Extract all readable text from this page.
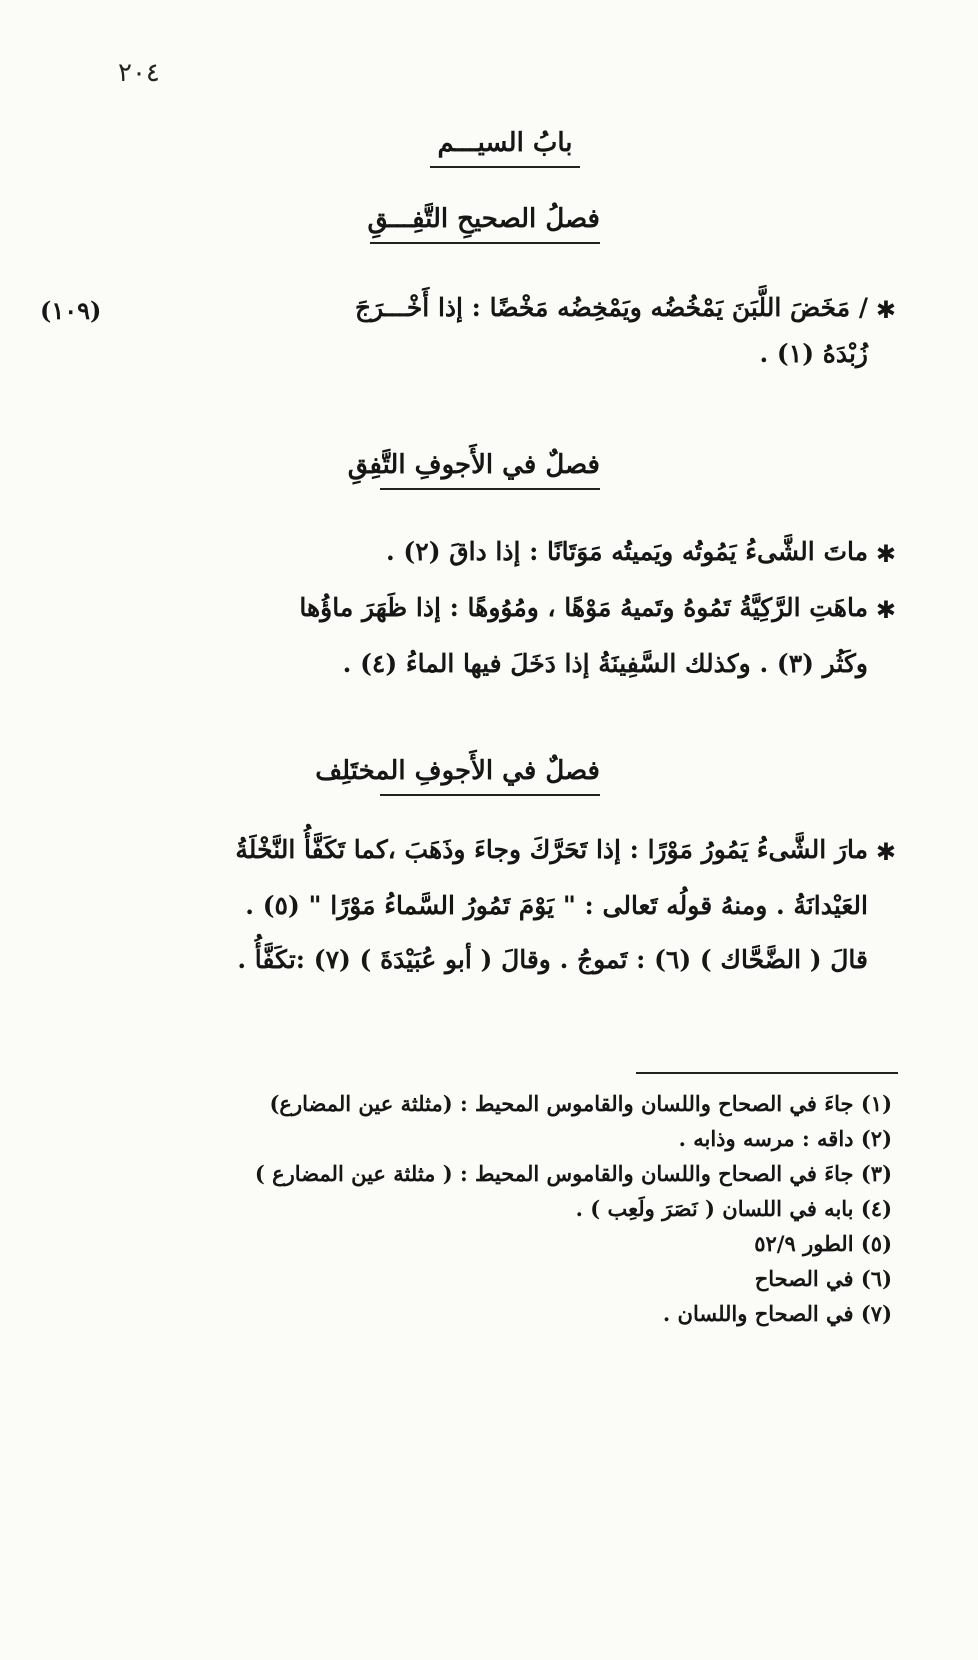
٢٠٤
بابُ السيـــم
فصلُ الصحيحِ التَّفِـــقِ
✱
/ مَخَضَ اللَّبَنَ يَمْخُضُه ويَمْخِضُه مَخْضًا : إذا أَخْـــرَجَ
زُبْدَهُ (١) .
(١٠٩)
فصلٌ في الأَجوفِ التَّفِقِ
✱
ماتَ الشَّىءُ يَمُوتُه ويَميتُه مَوَتَانًا : إذا داقَ (٢) .
✱
ماهَتِ الرَّكِيَّةُ تَمُوهُ وتَميهُ مَوْهًا ، ومُوُوهًا : إذا ظَهَرَ ماؤُها
وكَثُر (٣) . وكذلك السَّفِينَةُ إذا دَخَلَ فيها الماءُ (٤) .
فصلٌ في الأَجوفِ المختَلِف
✱
مارَ الشَّىءُ يَمُورُ مَوْرًا : إذا تَحَرَّكَ وجاءَ وذَهَبَ ،كما تَكَفَّأُ النَّخْلَةُ
العَيْدانَةُ . ومنهُ قولُه تَعالى : " يَوْمَ تَمُورُ السَّماءُ مَوْرًا " (٥) .
قالَ ( الضَّحَّاك ) (٦) : تَموجُ . وقالَ ( أبو عُبَيْدَةَ ) (٧) :تكَفَّأُ .
(١) جاءَ في الصحاح واللسان والقاموس المحيط : (مثلثة عين المضارع)
(٢) داقه : مرسه وذابه .
(٣) جاءَ في الصحاح واللسان والقاموس المحيط : ( مثلثة عين المضارع )
(٤) بابه في اللسان ( نَصَرَ ولَعِب ) .
(٥) الطور ٥٢/٩
(٦) في الصحاح
(٧) في الصحاح واللسان .
